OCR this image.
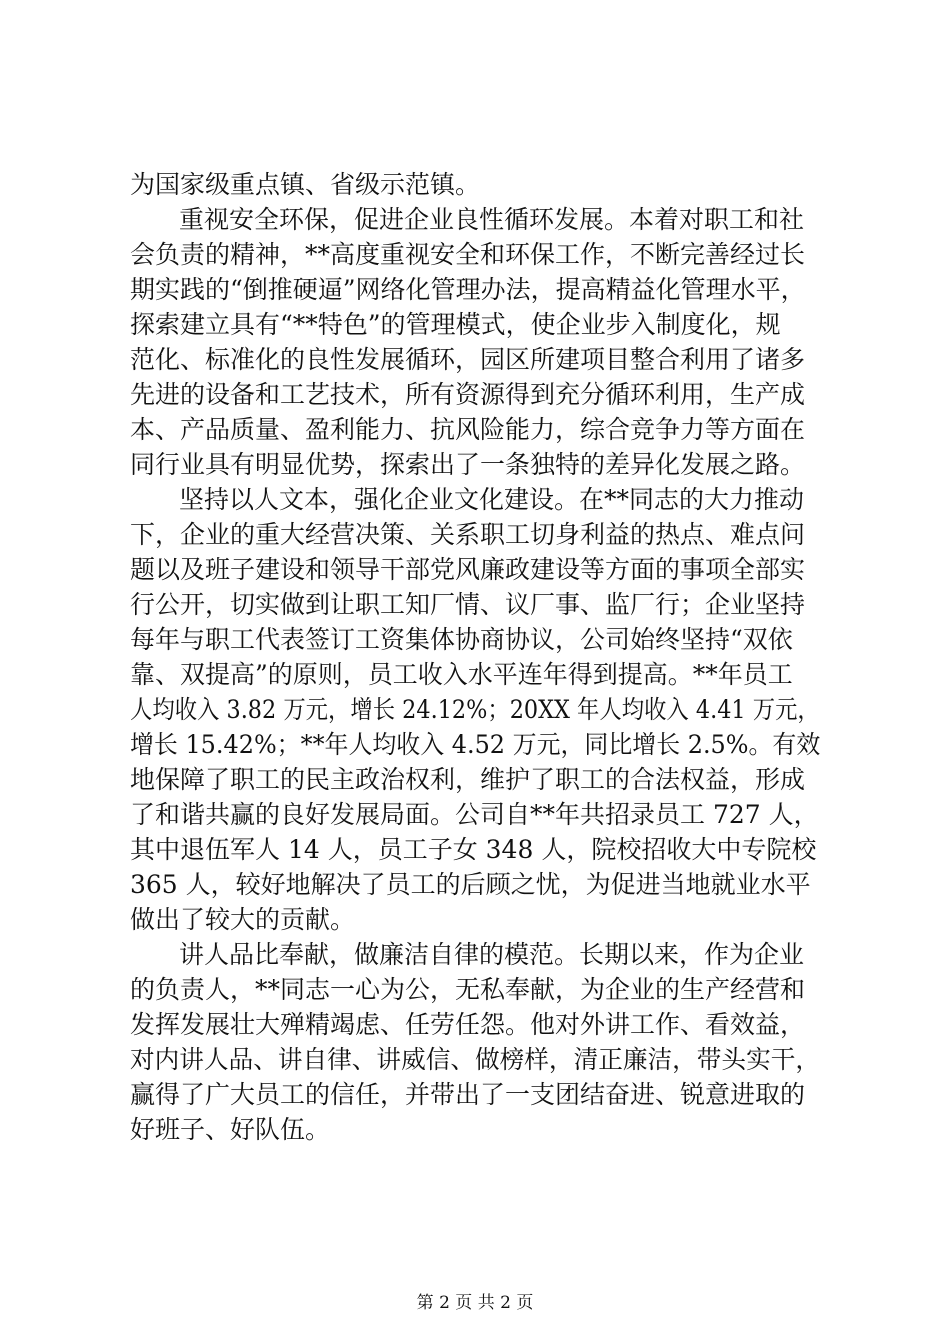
为国家级重点镇、省级示范镇。

重视安全环保，促进企业良性循环发展。本着对职工和社

会负责的精神，**高度重视安全和环保工作，不断完善经过长

期实践的“倒推硬逼”网络化管理办法，提高精益化管理水平，

探索建立具有“**特色”的管理模式，使企业步入制度化，规

范化、标准化的良性发展循环，园区所建项目整合利用了诸多

先进的设备和工艺技术，所有资源得到充分循环利用，生产成

本、产品质量、盈利能力、抗风险能力，综合竞争力等方面在

同行业具有明显优势，探索出了一条独特的差异化发展之路。

坚持以人文本，强化企业文化建设。在**同志的大力推动

下，企业的重大经营决策、关系职工切身利益的热点、难点问

题以及班子建设和领导干部党风廉政建设等方面的事项全部实

行公开，切实做到让职工知厂情、议厂事、监厂行；企业坚持

每年与职工代表签订工资集体协商协议，公司始终坚持“双依

靠、双提高”的原则，员工收入水平连年得到提高。**年员工

人均收入 3.82 万元，增长 24.12%；20XX 年人均收入 4.41 万元，

增长 15.42%；**年人均收入 4.52 万元，同比增长 2.5%。有效

地保障了职工的民主政治权利，维护了职工的合法权益，形成

了和谐共赢的良好发展局面。公司自**年共招录员工 727 人，

其中退伍军人 14 人，员工子女 348 人，院校招收大中专院校

365 人，较好地解决了员工的后顾之忧，为促进当地就业水平

做出了较大的贡献。

讲人品比奉献，做廉洁自律的模范。长期以来，作为企业

的负责人，**同志一心为公，无私奉献，为企业的生产经营和

发挥发展壮大殚精竭虑、任劳任怨。他对外讲工作、看效益，

对内讲人品、讲自律、讲威信、做榜样，清正廉洁，带头实干，

赢得了广大员工的信任，并带出了一支团结奋进、锐意进取的

好班子、好队伍。

第 2 页 共 2 页
